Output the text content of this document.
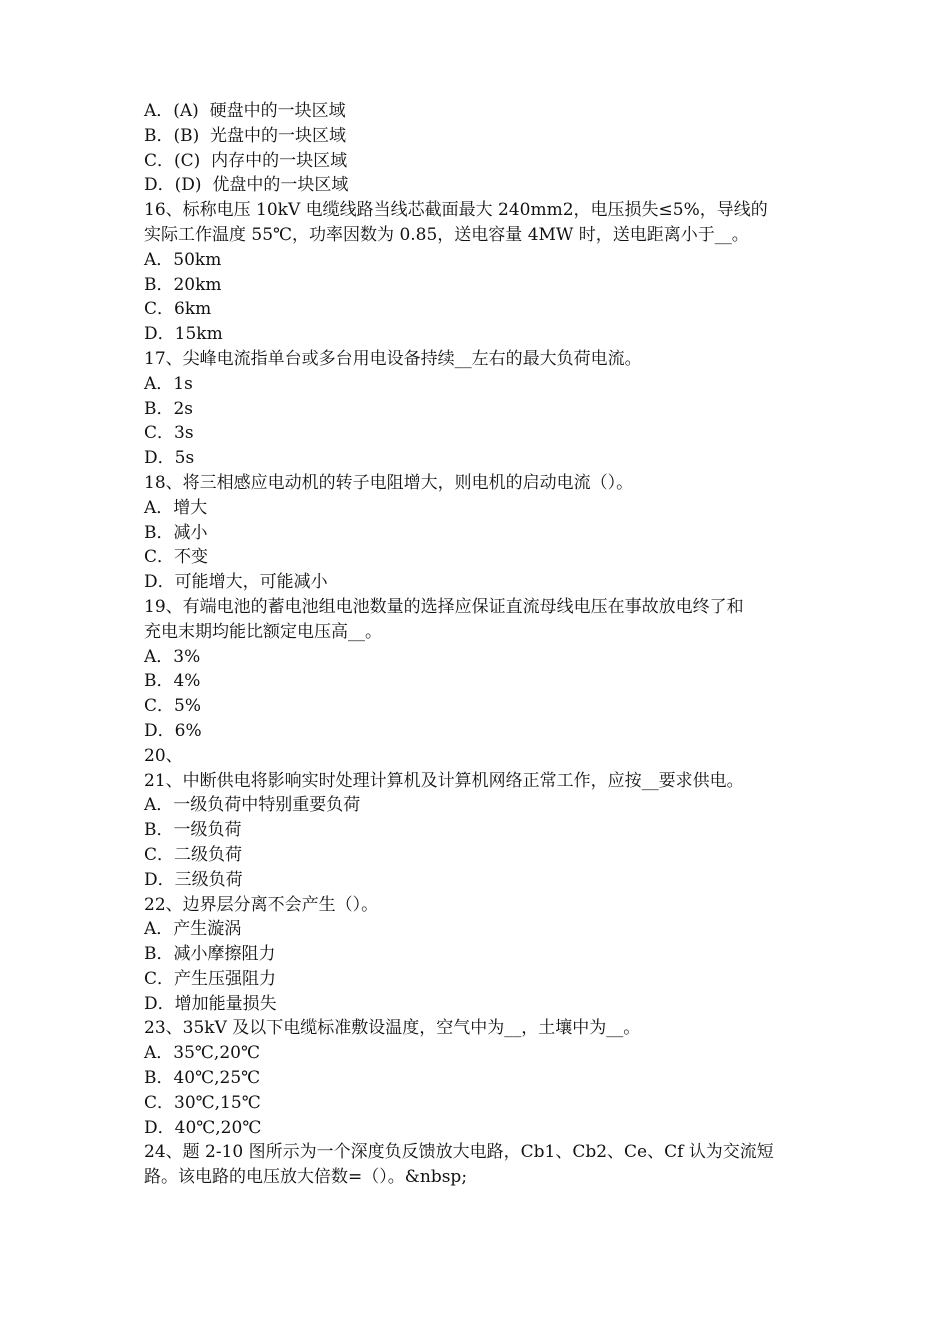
A．(A)  硬盘中的一块区域
B．(B)  光盘中的一块区域
C．(C)  内存中的一块区域
D．(D)  优盘中的一块区域
16、标称电压 10kV 电缆线路当线芯截面最大 240mm2，电压损失≤5%，导线的
实际工作温度 55℃，功率因数为 0.85，送电容量 4MW 时，送电距离小于__。
A．50km
B．20km
C．6km
D．15km
17、尖峰电流指单台或多台用电设备持续__左右的最大负荷电流。
A．1s
B．2s
C．3s
D．5s
18、将三相感应电动机的转子电阻增大，则电机的启动电流（）。
A．增大
B．减小
C．不变
D．可能增大，可能减小
19、有端电池的蓄电池组电池数量的选择应保证直流母线电压在事故放电终了和
充电末期均能比额定电压高__。
A．3%
B．4%
C．5%
D．6%
20、
21、中断供电将影响实时处理计算机及计算机网络正常工作，应按__要求供电。
A．一级负荷中特别重要负荷
B．一级负荷
C．二级负荷
D．三级负荷
22、边界层分离不会产生（）。
A．产生漩涡
B．减小摩擦阻力
C．产生压强阻力
D．增加能量损失
23、35kV 及以下电缆标准敷设温度，空气中为__，土壤中为__。
A．35℃,20℃
B．40℃,25℃
C．30℃,15℃
D．40℃,20℃
24、题 2-10 图所示为一个深度负反馈放大电路，Cb1、Cb2、Ce、Cf 认为交流短
路。该电路的电压放大倍数=（）。&nbsp;
